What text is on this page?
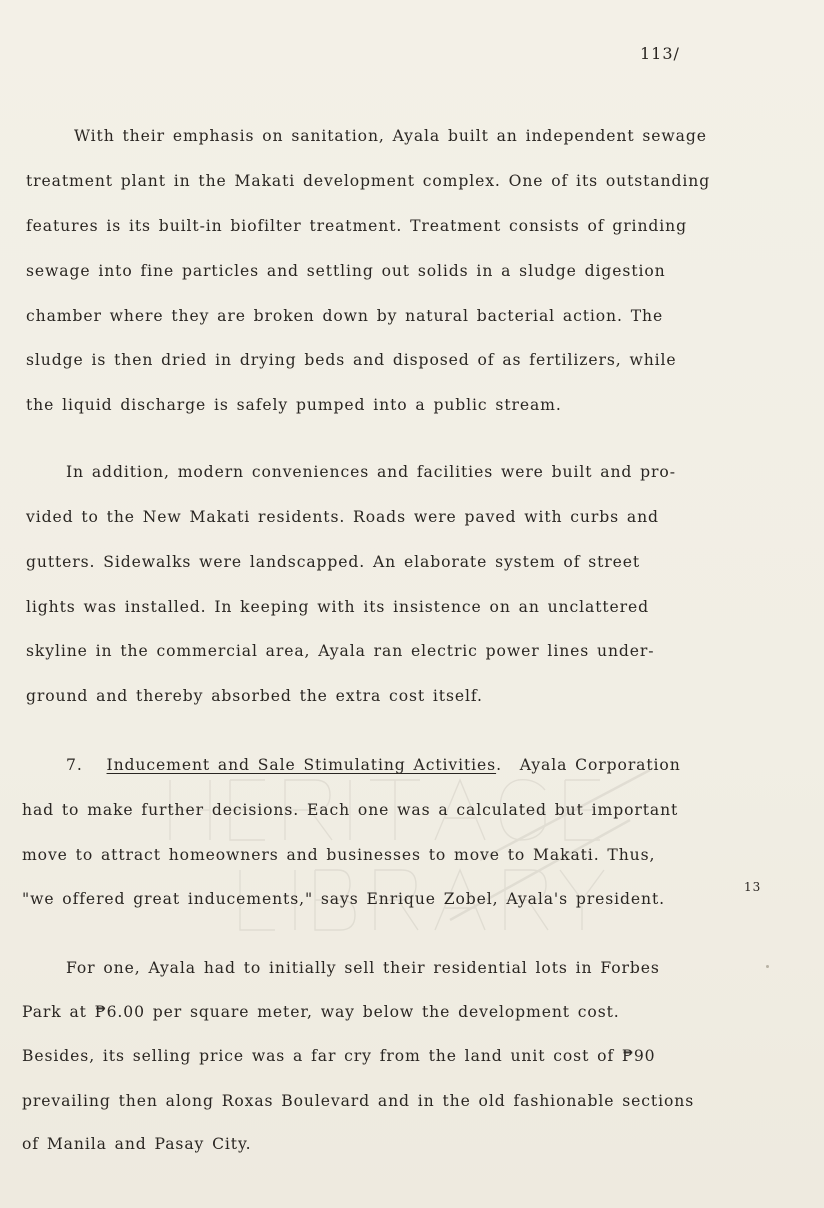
113/
With their emphasis on sanitation, Ayala built an independent sewage
treatment plant in the Makati development complex. One of its outstanding
features is its built-in biofilter treatment. Treatment consists of grinding
sewage into fine particles and settling out solids in a sludge digestion
chamber where they are broken down by natural bacterial action. The
sludge is then dried in drying beds and disposed of as fertilizers, while
the liquid discharge is safely pumped into a public stream.
In addition, modern conveniences and facilities were built and pro-
vided to the New Makati residents. Roads were paved with curbs and
gutters. Sidewalks were landscapped. An elaborate system of street
lights was installed. In keeping with its insistence on an unclattered
skyline in the commercial area, Ayala ran electric power lines under-
ground and thereby absorbed the extra cost itself.
7. Inducement and Sale Stimulating Activities. Ayala Corporation
had to make further decisions. Each one was a calculated but important
move to attract homeowners and businesses to move to Makati. Thus,
"we offered great inducements," says Enrique Zobel, Ayala's president.
13
For one, Ayala had to initially sell their residential lots in Forbes
Park at ₱6.00 per square meter, way below the development cost.
Besides, its selling price was a far cry from the land unit cost of ₱90
prevailing then along Roxas Boulevard and in the old fashionable sections
of Manila and Pasay City.
